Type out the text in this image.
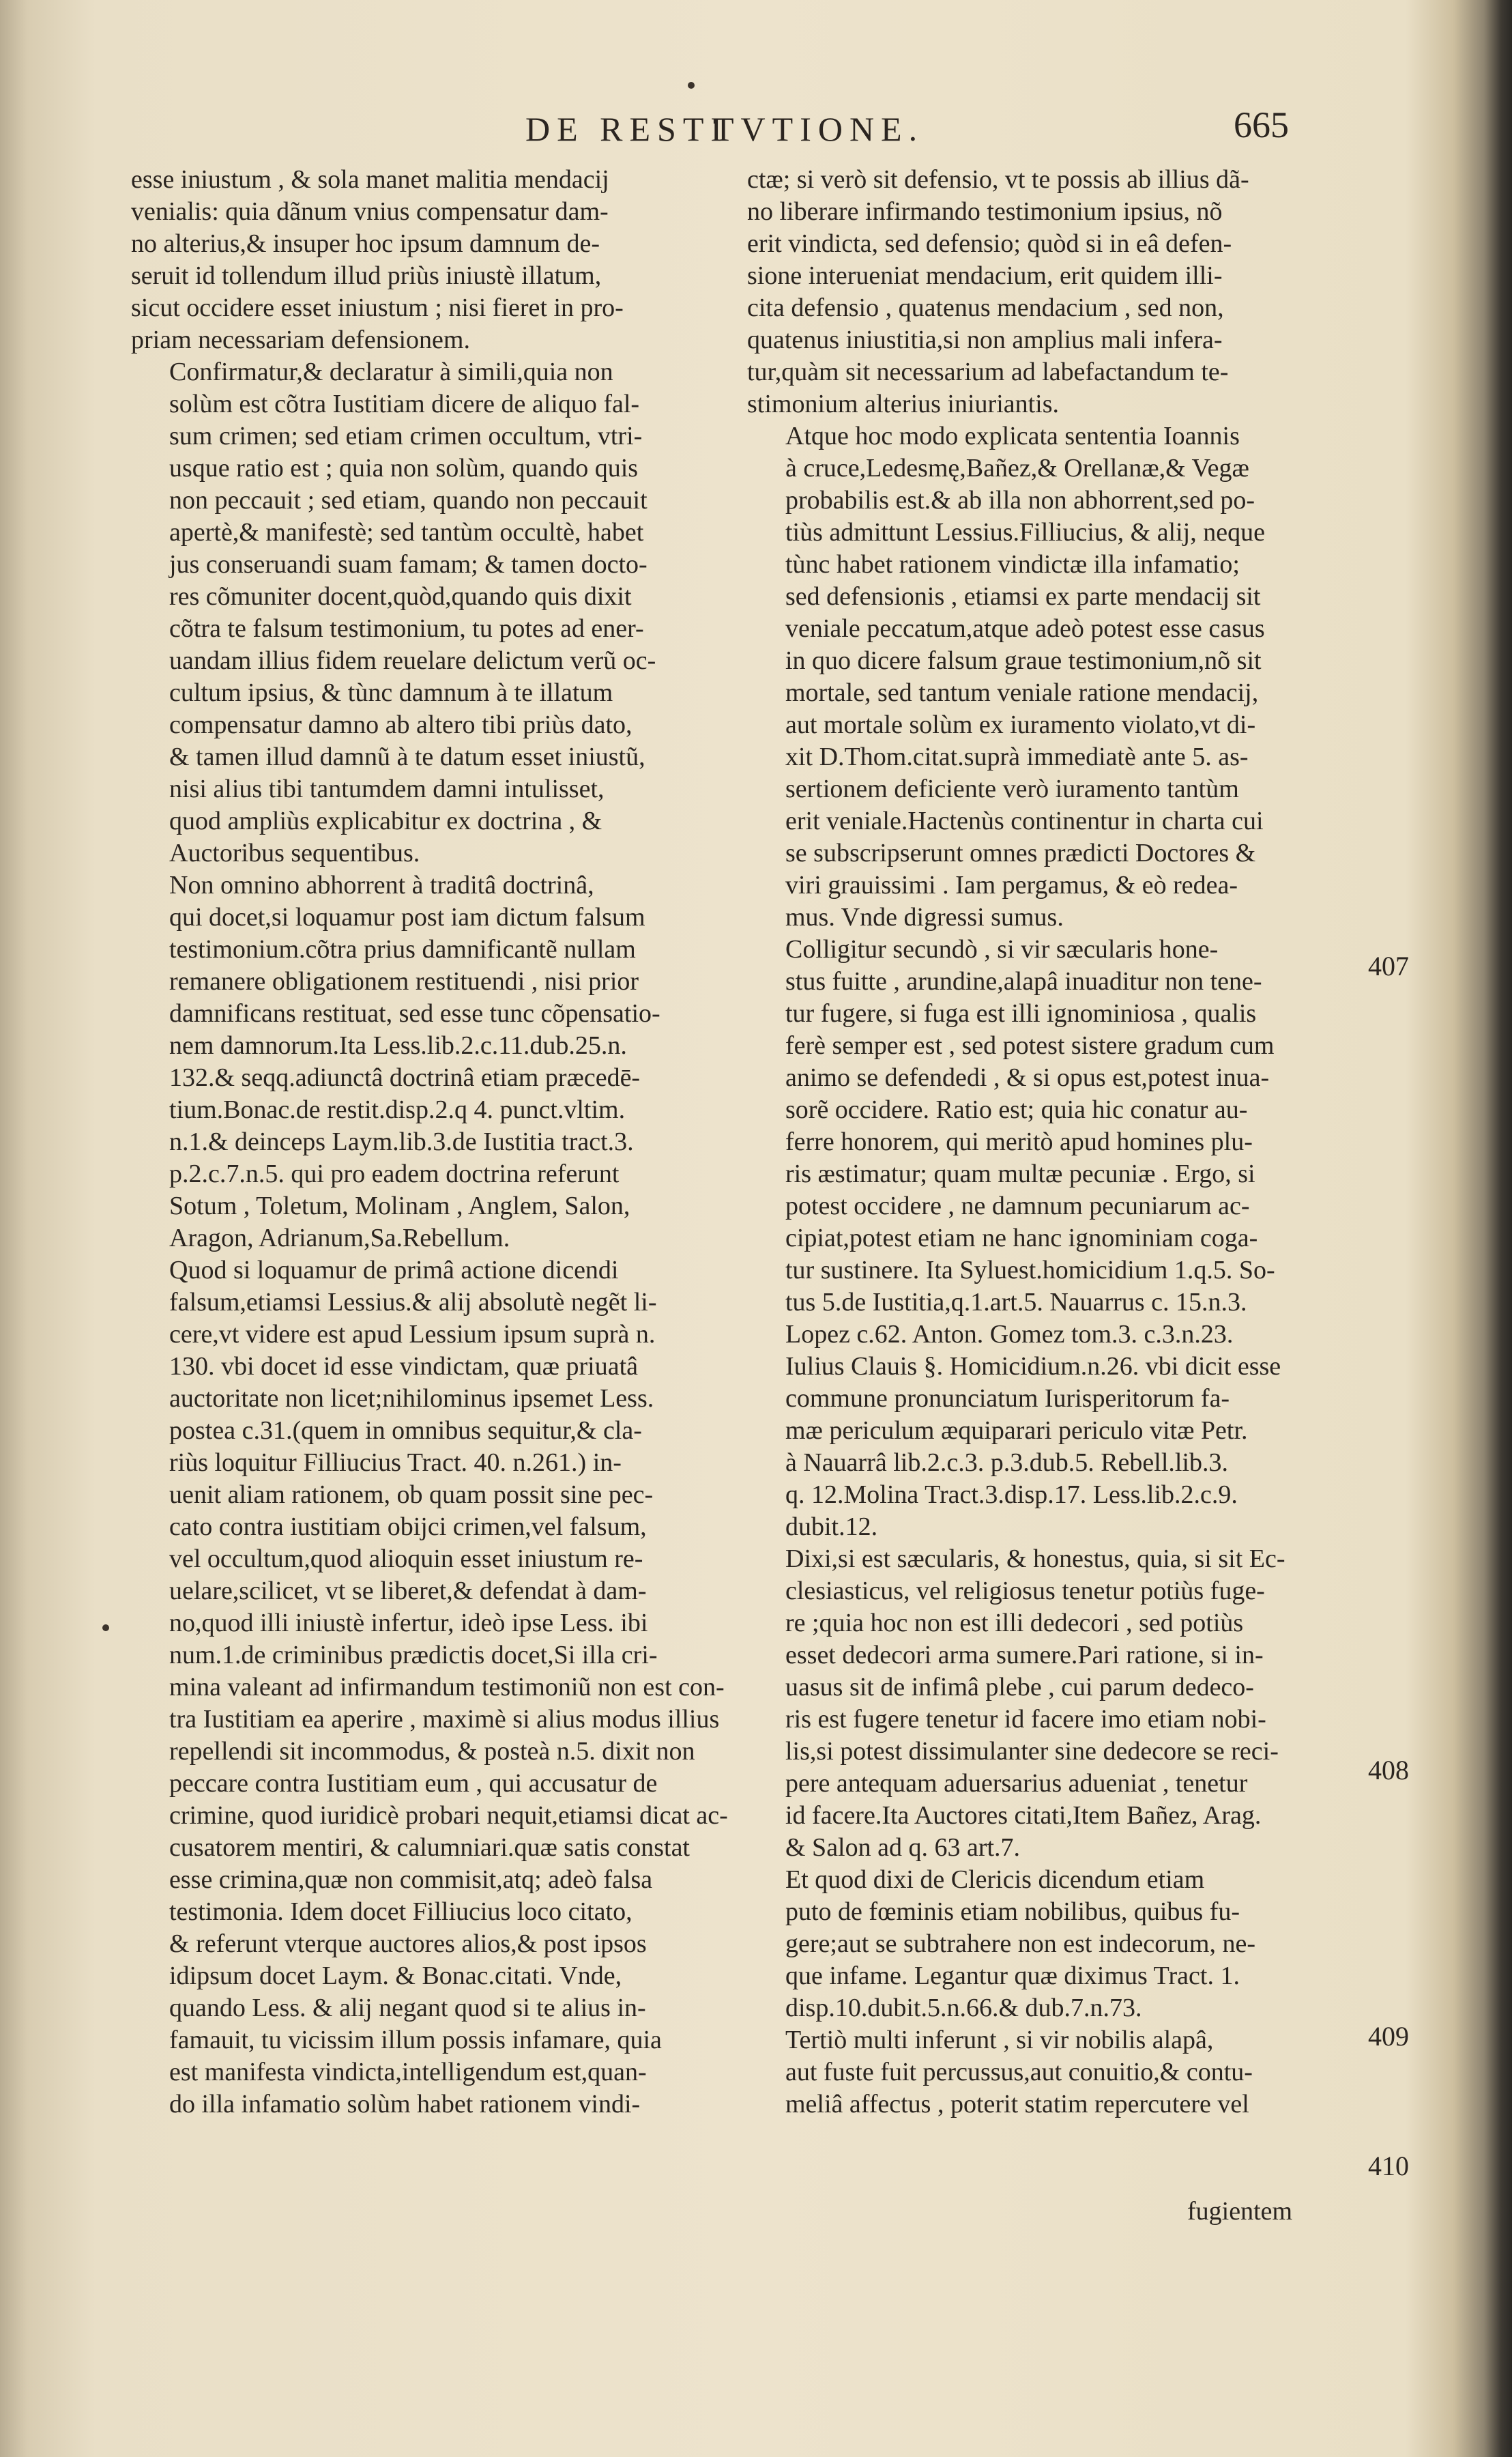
DE RESTI
TVTIONE.	665

esse iniustum , & sola manet malitia mendacij
venialis: quia dãnum vnius compensatur dam-
no alterius,& insuper hoc ipsum damnum de-
seruit id tollendum illud priùs iniustè illatum,
sicut occidere esset iniustum ; nisi fieret in pro-
priam necessariam defensionem.

Confirmatur,& declaratur à simili,quia non
solùm est cõtra Iustitiam dicere de aliquo fal-
sum crimen; sed etiam crimen occultum, vtri-
usque ratio est ; quia non solùm, quando quis
non peccauit ; sed etiam, quando non peccauit
apertè,& manifestè; sed tantùm occultè, habet
jus conseruandi suam famam; & tamen docto-
res cõmuniter docent,quòd,quando quis dixit
cõtra te falsum testimonium, tu potes ad ener-
uandam illius fidem reuelare delictum verũ oc-
cultum ipsius, & tùnc damnum à te illatum
compensatur damno ab altero tibi priùs dato,
& tamen illud damnũ à te datum esset iniustũ,
nisi alius tibi tantumdem damni intulisset,
quod ampliùs explicabitur ex doctrina , &
Auctoribus sequentibus.

Non omnino abhorrent à traditâ doctrinâ,
qui docet,si loquamur post iam dictum falsum
testimonium.cõtra prius damnificantẽ nullam
remanere obligationem restituendi , nisi prior
damnificans restituat, sed esse tunc cõpensatio-
nem damnorum.Ita Less.lib.2.c.11.dub.25.n.
132.& seqq.adiunctâ doctrinâ etiam præcedē-
tium.Bonac.de restit.disp.2.q 4. punct.vltim.
n.1.& deinceps Laym.lib.3.de Iustitia tract.3.
p.2.c.7.n.5. qui pro eadem doctrina referunt
Sotum , Toletum, Molinam , Anglem, Salon,
Aragon, Adrianum,Sa.Rebellum.

Quod si loquamur de primâ actione dicendi
falsum,etiamsi Lessius.& alij absolutè negẽt li-
cere,vt videre est apud Lessium ipsum suprà n.
130. vbi docet id esse vindictam, quæ priuatâ
auctoritate non licet;nihilominus ipsemet Less.
postea c.31.(quem in omnibus sequitur,& cla-
riùs loquitur Filliucius Tract. 40. n.261.) in-
uenit aliam rationem, ob quam possit sine pec-
cato contra iustitiam obijci crimen,vel falsum,
vel occultum,quod alioquin esset iniustum re-
uelare,scilicet, vt se liberet,& defendat à dam-
no,quod illi iniustè infertur, ideò ipse Less. ibi
num.1.de criminibus prædictis docet,Si illa cri-
mina valeant ad infirmandum testimoniũ non est con-
tra Iustitiam ea aperire , maximè si alius modus illius
repellendi sit incommodus, & posteà n.5. dixit non
peccare contra Iustitiam eum , qui accusatur de
crimine, quod iuridicè probari nequit,etiamsi dicat ac-
cusatorem mentiri, & calumniari.quæ satis constat
esse crimina,quæ non commisit,atq; adeò falsa
testimonia. Idem docet Filliucius loco citato,
& referunt vterque auctores alios,& post ipsos
idipsum docet Laym. & Bonac.citati. Vnde,
quando Less. & alij negant quod si te alius in-
famauit, tu vicissim illum possis infamare, quia
est manifesta vindicta,intelligendum est,quan-
do illa infamatio solùm habet rationem vindi-

ctæ; si verò sit defensio, vt te possis ab illius dã-
no liberare infirmando testimonium ipsius, nõ
erit vindicta, sed defensio; quòd si in eâ defen-
sione interueniat mendacium, erit quidem illi-
cita defensio , quatenus mendacium , sed non,
quatenus iniustitia,si non amplius mali infera-
tur,quàm sit necessarium ad labefactandum te-
stimonium alterius iniuriantis.

Atque hoc modo explicata sententia Ioannis
à cruce,Ledesmę,Bañez,& Orellanæ,& Vegæ
probabilis est.& ab illa non abhorrent,sed po-
tiùs admittunt Lessius.Filliucius, & alij, neque
tùnc habet rationem vindictæ illa infamatio;
sed defensionis , etiamsi ex parte mendacij sit
veniale peccatum,atque adeò potest esse casus
in quo dicere falsum graue testimonium,nõ sit
mortale, sed tantum veniale ratione mendacij,
aut mortale solùm ex iuramento violato,vt di-
xit D.Thom.citat.suprà immediatè ante 5. as-
sertionem deficiente verò iuramento tantùm
erit veniale.Hactenùs continentur in charta cui
se subscripserunt omnes prædicti Doctores &
viri grauissimi . Iam pergamus, & eò redea-
mus. Vnde digressi sumus.

Colligitur secundò , si vir sæcularis hone-
stus fuitte , arundine,alapâ inuaditur non tene-
tur fugere, si fuga est illi ignominiosa , qualis
ferè semper est , sed potest sistere gradum cum
animo se defendedi , & si opus est,potest inua-
sorẽ occidere. Ratio est; quia hic conatur au-
ferre honorem, qui meritò apud homines plu-
ris æstimatur; quam multæ pecuniæ . Ergo, si
potest occidere , ne damnum pecuniarum ac-
cipiat,potest etiam ne hanc ignominiam coga-
tur sustinere. Ita Syluest.homicidium 1.q.5. So-
tus 5.de Iustitia,q.1.art.5. Nauarrus c. 15.n.3.
Lopez c.62. Anton. Gomez tom.3. c.3.n.23.
Iulius Clauis §. Homicidium.n.26. vbi dicit esse
commune pronunciatum Iurisperitorum fa-
mæ periculum æquiparari periculo vitæ Petr.
à Nauarrâ lib.2.c.3. p.3.dub.5. Rebell.lib.3.
q. 12.Molina Tract.3.disp.17. Less.lib.2.c.9.
dubit.12.

Dixi,si est sæcularis, & honestus, quia, si sit Ec-
clesiasticus, vel religiosus tenetur potiùs fuge-
re ;quia hoc non est illi dedecori , sed potiùs
esset dedecori arma sumere.Pari ratione, si in-
uasus sit de infimâ plebe , cui parum dedeco-
ris est fugere tenetur id facere imo etiam nobi-
lis,si potest dissimulanter sine dedecore se reci-
pere antequam aduersarius adueniat , tenetur
id facere.Ita Auctores citati,Item Bañez, Arag.
& Salon ad q. 63 art.7.

Et quod dixi de Clericis dicendum etiam
puto de fœminis etiam nobilibus, quibus fu-
gere;aut se subtrahere non est indecorum, ne-
que infame. Legantur quæ diximus Tract. 1.
disp.10.dubit.5.n.66.& dub.7.n.73.

Tertiò multi inferunt , si vir nobilis alapâ,
aut fuste fuit percussus,aut conuitio,& contu-
meliâ affectus , poterit statim repercutere vel

407
408
409
410
fugientem
